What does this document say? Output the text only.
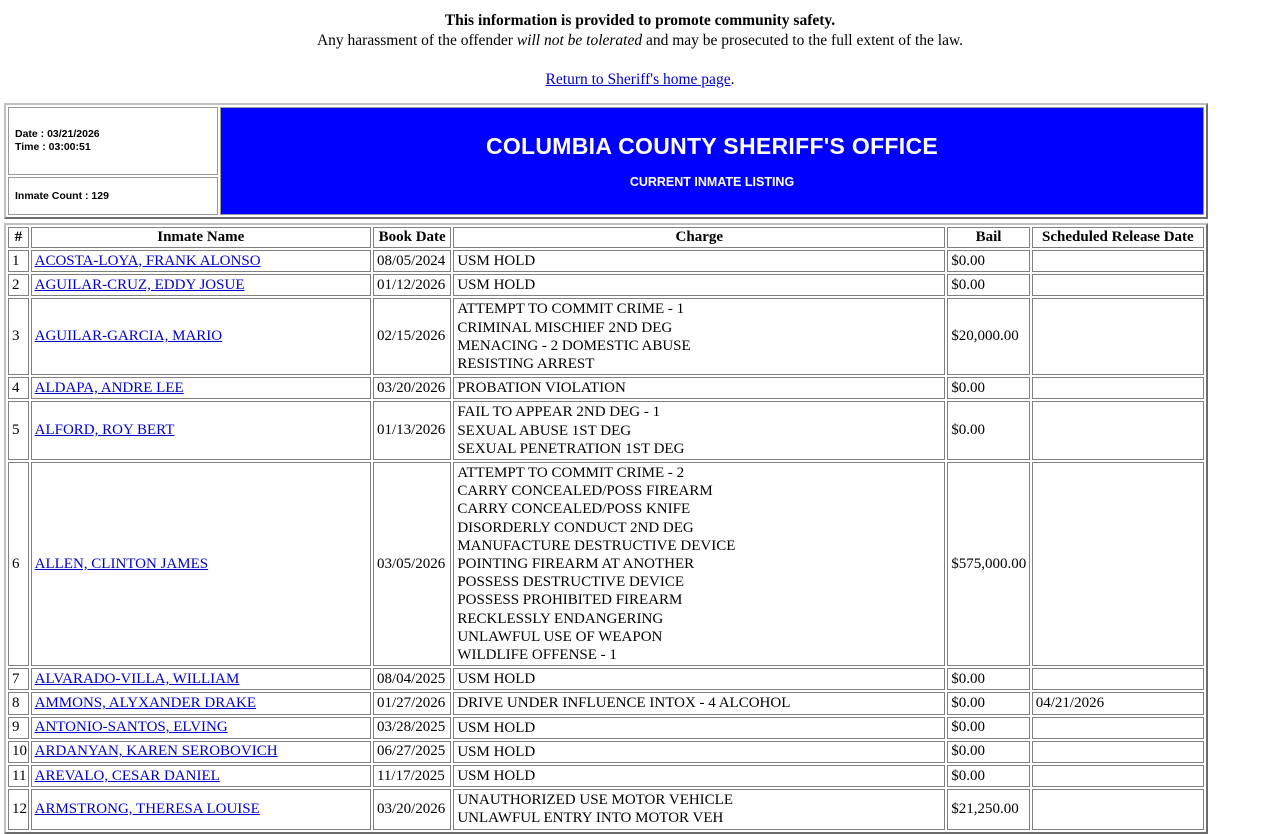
This information is provided to promote community safety.
Any harassment of the offender will not be tolerated and may be prosecuted to the full extent of the law.
Return to Sheriff's home page.
Date : 03/21/2026
Time : 03:00:51	COLUMBIA COUNTY SHERIFF'S OFFICE
CURRENT INMATE LISTING

Inmate Count : 129
#	Inmate Name	Book Date	Charge	Bail	Scheduled Release Date
1	ACOSTA-LOYA, FRANK ALONSO	08/05/2024	USM HOLD	$0.00	
2	AGUILAR-CRUZ, EDDY JOSUE	01/12/2026	USM HOLD	$0.00	
3	AGUILAR-GARCIA, MARIO	02/15/2026	ATTEMPT TO COMMIT CRIME - 1
CRIMINAL MISCHIEF 2ND DEG
MENACING - 2 DOMESTIC ABUSE
RESISTING ARREST	$20,000.00	
4	ALDAPA, ANDRE LEE	03/20/2026	PROBATION VIOLATION	$0.00	
5	ALFORD, ROY BERT	01/13/2026	FAIL TO APPEAR 2ND DEG - 1
SEXUAL ABUSE 1ST DEG
SEXUAL PENETRATION 1ST DEG	$0.00	
6	ALLEN, CLINTON JAMES	03/05/2026	
ATTEMPT TO COMMIT CRIME - 2
CARRY CONCEALED/POSS FIREARM
CARRY CONCEALED/POSS KNIFE
DISORDERLY CONDUCT 2ND DEG
MANUFACTURE DESTRUCTIVE DEVICE
POINTING FIREARM AT ANOTHER
POSSESS DESTRUCTIVE DEVICE
POSSESS PROHIBITED FIREARM
RECKLESSLY ENDANGERING
UNLAWFUL USE OF WEAPON
WILDLIFE OFFENSE - 1
	$575,000.00	
7	ALVARADO-VILLA, WILLIAM	08/04/2025	USM HOLD	$0.00	
8	AMMONS, ALYXANDER DRAKE	01/27/2026	DRIVE UNDER INFLUENCE INTOX - 4 ALCOHOL	$0.00	04/21/2026
9	ANTONIO-SANTOS, ELVING	03/28/2025	USM HOLD	$0.00	
10	ARDANYAN, KAREN SEROBOVICH	06/27/2025	USM HOLD	$0.00	
11	AREVALO, CESAR DANIEL	11/17/2025	USM HOLD	$0.00	
12	ARMSTRONG, THERESA LOUISE	03/20/2026	UNAUTHORIZED USE MOTOR VEHICLE
UNLAWFUL ENTRY INTO MOTOR VEH	$21,250.00	
